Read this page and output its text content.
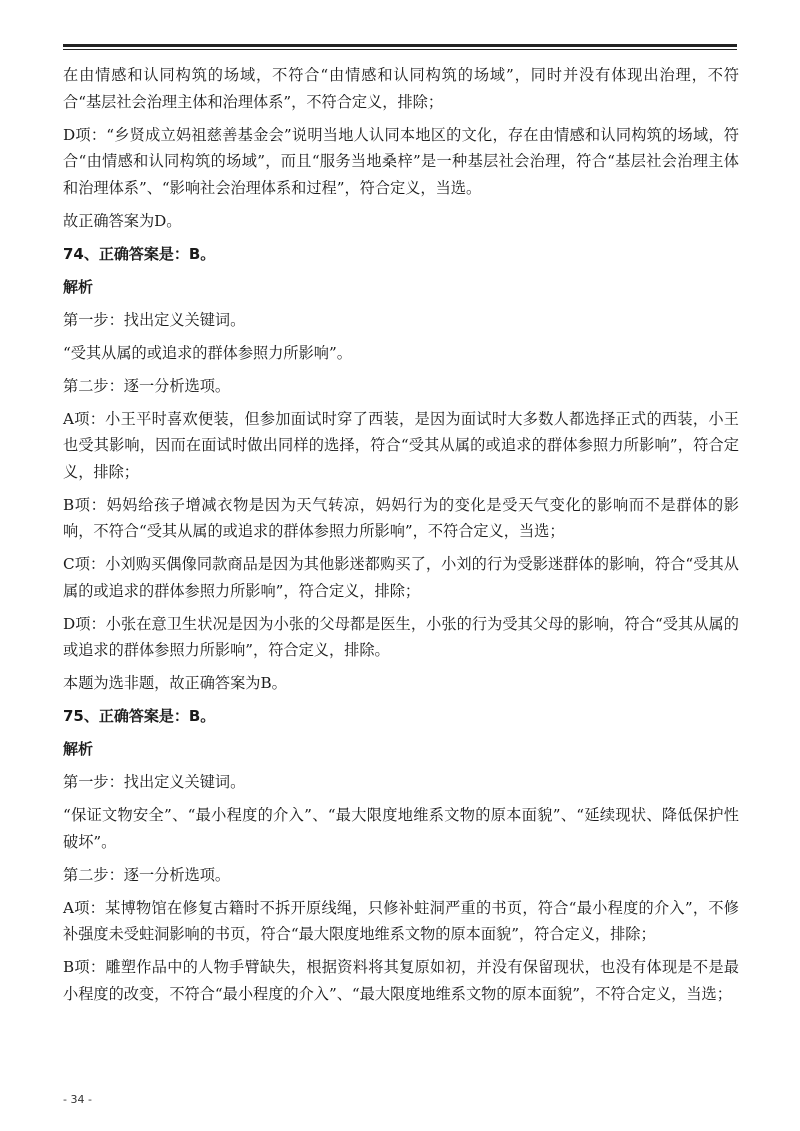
在由情感和认同构筑的场域，不符合“由情感和认同构筑的场域”，同时并没有体现出治理，不符合“基层社会治理主体和治理体系”，不符合定义，排除；

D项：“乡贤成立妈祖慈善基金会”说明当地人认同本地区的文化，存在由情感和认同构筑的场域，符合“由情感和认同构筑的场域”，而且“服务当地桑梓”是一种基层社会治理，符合“基层社会治理主体和治理体系”、“影响社会治理体系和过程”，符合定义，当选。

故正确答案为D。

74、正确答案是：B。

解析

第一步：找出定义关键词。

“受其从属的或追求的群体参照力所影响”。

第二步：逐一分析选项。

A项：小王平时喜欢便装，但参加面试时穿了西装，是因为面试时大多数人都选择正式的西装，小王也受其影响，因而在面试时做出同样的选择，符合“受其从属的或追求的群体参照力所影响”，符合定义，排除；

B项：妈妈给孩子增减衣物是因为天气转凉，妈妈行为的变化是受天气变化的影响而不是群体的影响，不符合“受其从属的或追求的群体参照力所影响”，不符合定义，当选；

C项：小刘购买偶像同款商品是因为其他影迷都购买了，小刘的行为受影迷群体的影响，符合“受其从属的或追求的群体参照力所影响”，符合定义，排除；

D项：小张在意卫生状况是因为小张的父母都是医生，小张的行为受其父母的影响，符合“受其从属的或追求的群体参照力所影响”，符合定义，排除。

本题为选非题，故正确答案为B。

75、正确答案是：B。

解析

第一步：找出定义关键词。

“保证文物安全”、“最小程度的介入”、“最大限度地维系文物的原本面貌”、“延续现状、降低保护性破坏”。

第二步：逐一分析选项。

A项：某博物馆在修复古籍时不拆开原线绳，只修补蛀洞严重的书页，符合“最小程度的介入”，不修补强度未受蛀洞影响的书页，符合“最大限度地维系文物的原本面貌”，符合定义，排除；

B项：雕塑作品中的人物手臂缺失，根据资料将其复原如初，并没有保留现状，也没有体现是不是最小程度的改变，不符合“最小程度的介入”、“最大限度地维系文物的原本面貌”，不符合定义，当选；

- 34 -
